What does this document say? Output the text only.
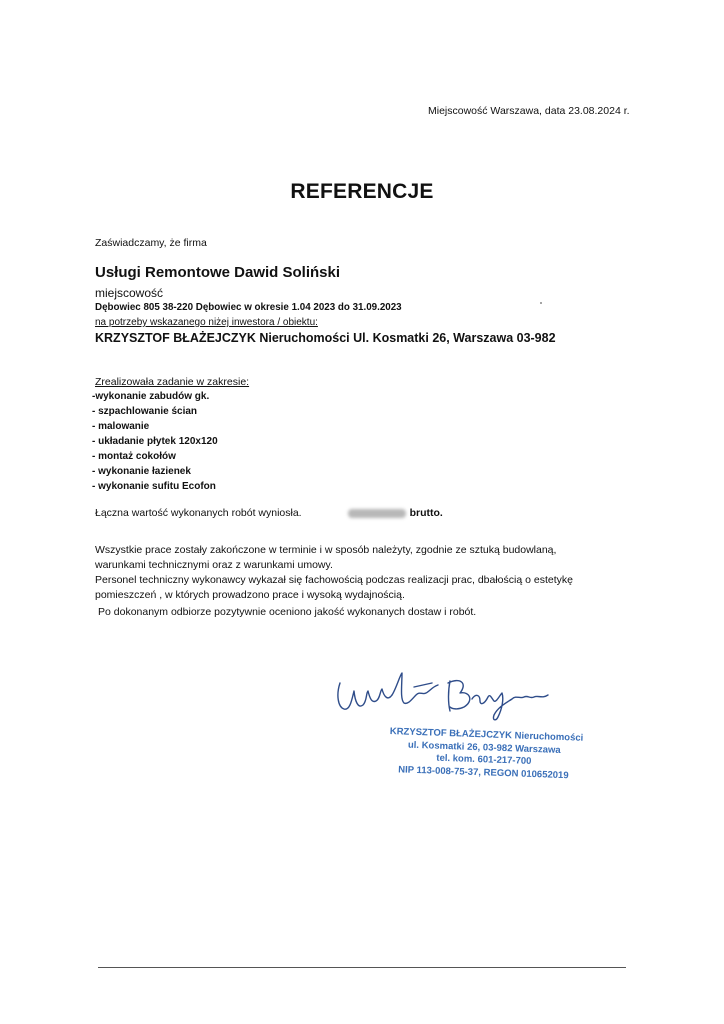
Miejscowość Warszawa, data 23.08.2024 r.
REFERENCJE
Zaświadczamy, że firma
Usługi Remontowe Dawid Soliński
miejscowość
Dębowiec 805 38-220 Dębowiec w okresie 1.04 2023 do 31.09.2023
na potrzeby wskazanego niżej inwestora / obiektu:
KRZYSZTOF BŁAŻEJCZYK Nieruchomości Ul. Kosmatki 26, Warszawa 03-982
Zrealizowała zadanie w zakresie:
-wykonanie zabudów gk.
- szpachlowanie ścian
- malowanie
- układanie płytek 120x120
- montaż cokołów
- wykonanie łazienek
- wykonanie sufitu Ecofon
Łączna wartość wykonanych robót wyniosła.	brutto.
Wszystkie prace zostały zakończone w terminie i w sposób należyty, zgodnie ze sztuką budowlaną,
warunkami technicznymi oraz z warunkami umowy.
Personel techniczny wykonawcy wykazał się fachowością podczas realizacji prac, dbałością o estetykę
pomieszczeń , w których prowadzono prace i wysoką wydajnością.
Po dokonanym odbiorze pozytywnie oceniono jakość wykonanych dostaw i robót.
KRZYSZTOF BŁAŻEJCZYK Nieruchomości
ul. Kosmatki 26, 03-982 Warszawa
tel. kom. 601-217-700
NIP 113-008-75-37, REGON 010652019
